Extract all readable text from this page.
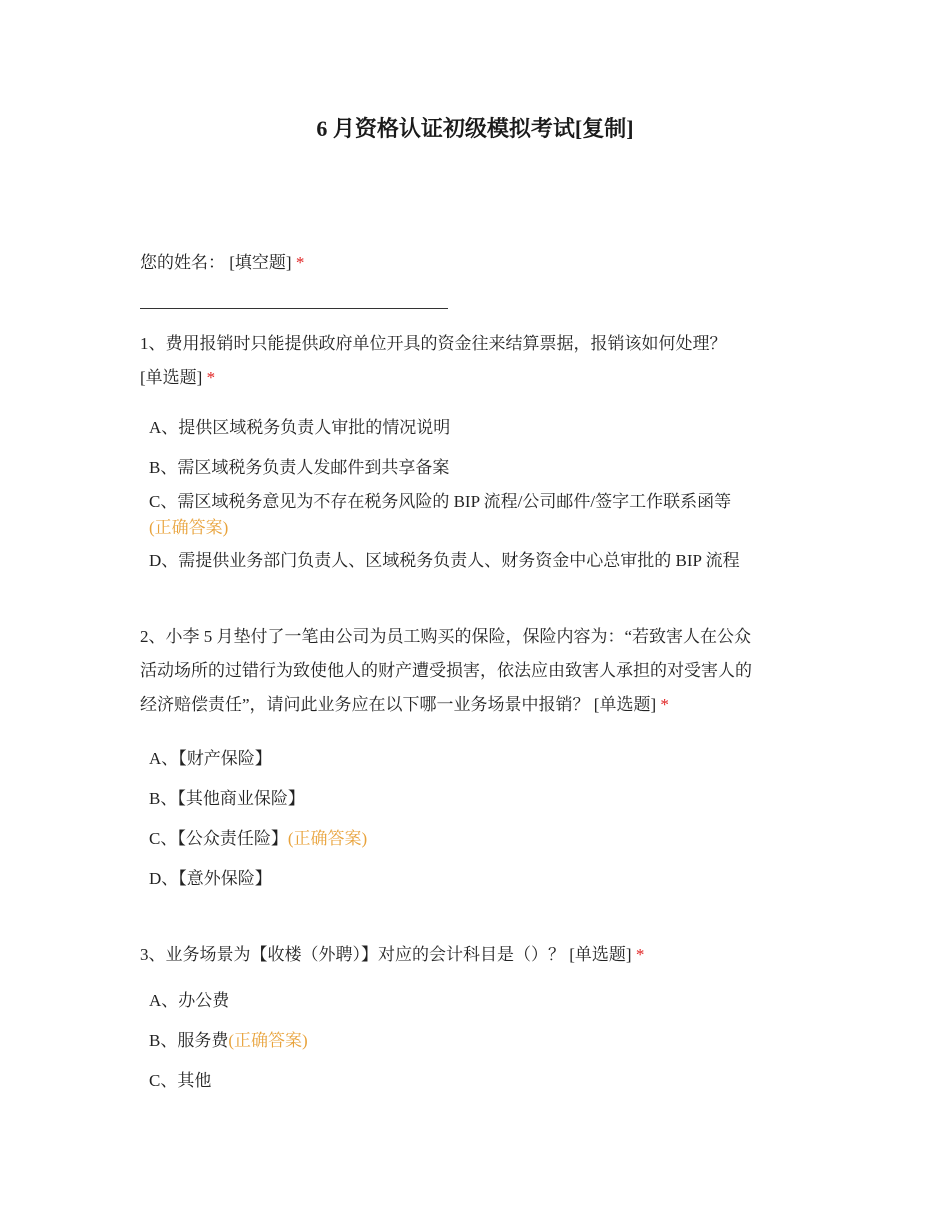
6 月资格认证初级模拟考试[复制]
您的姓名： [填空题] *
1、费用报销时只能提供政府单位开具的资金往来结算票据，报销该如何处理？
[单选题] *
A、提供区域税务负责人审批的情况说明
B、需区域税务负责人发邮件到共享备案
C、需区域税务意见为不存在税务风险的 BIP 流程/公司邮件/签字工作联系函等
(正确答案)
D、需提供业务部门负责人、区域税务负责人、财务资金中心总审批的 BIP 流程
2、小李 5 月垫付了一笔由公司为员工购买的保险，保险内容为：“若致害人在公众
活动场所的过错行为致使他人的财产遭受损害，依法应由致害人承担的对受害人的
经济赔偿责任”，请问此业务应在以下哪一业务场景中报销？ [单选题] *
A、【财产保险】
B、【其他商业保险】
C、【公众责任险】(正确答案)
D、【意外保险】
3、业务场景为【收楼（外聘）】对应的会计科目是（）？ [单选题] *
A、办公费
B、服务费(正确答案)
C、其他
